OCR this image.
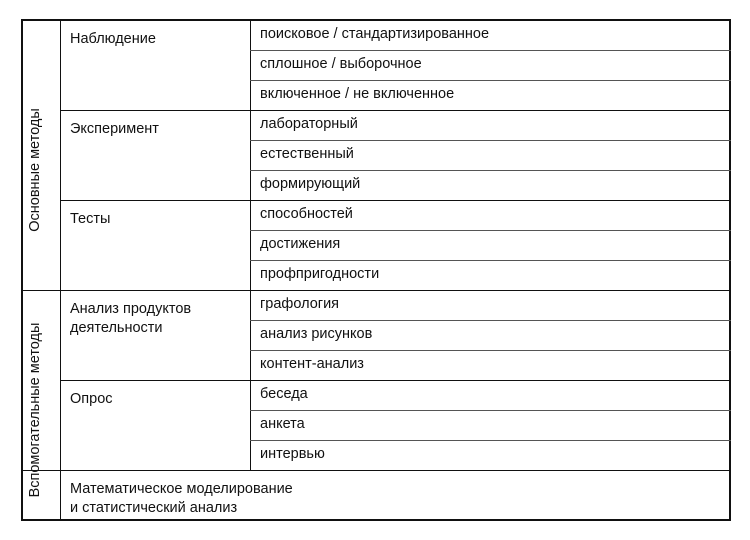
Основные методы
Вспомогательные методы
Наблюдение
Эксперимент
Тесты
Анализ продуктов
деятельности
Опрос
Математическое моделирование
и статистический анализ
поисковое / стандартизированное
сплошное / выборочное
включенное / не включенное
лабораторный
естественный
формирующий
способностей
достижения
профпригодности
графология
анализ рисунков
контент-анализ
беседа
анкета
интервью
